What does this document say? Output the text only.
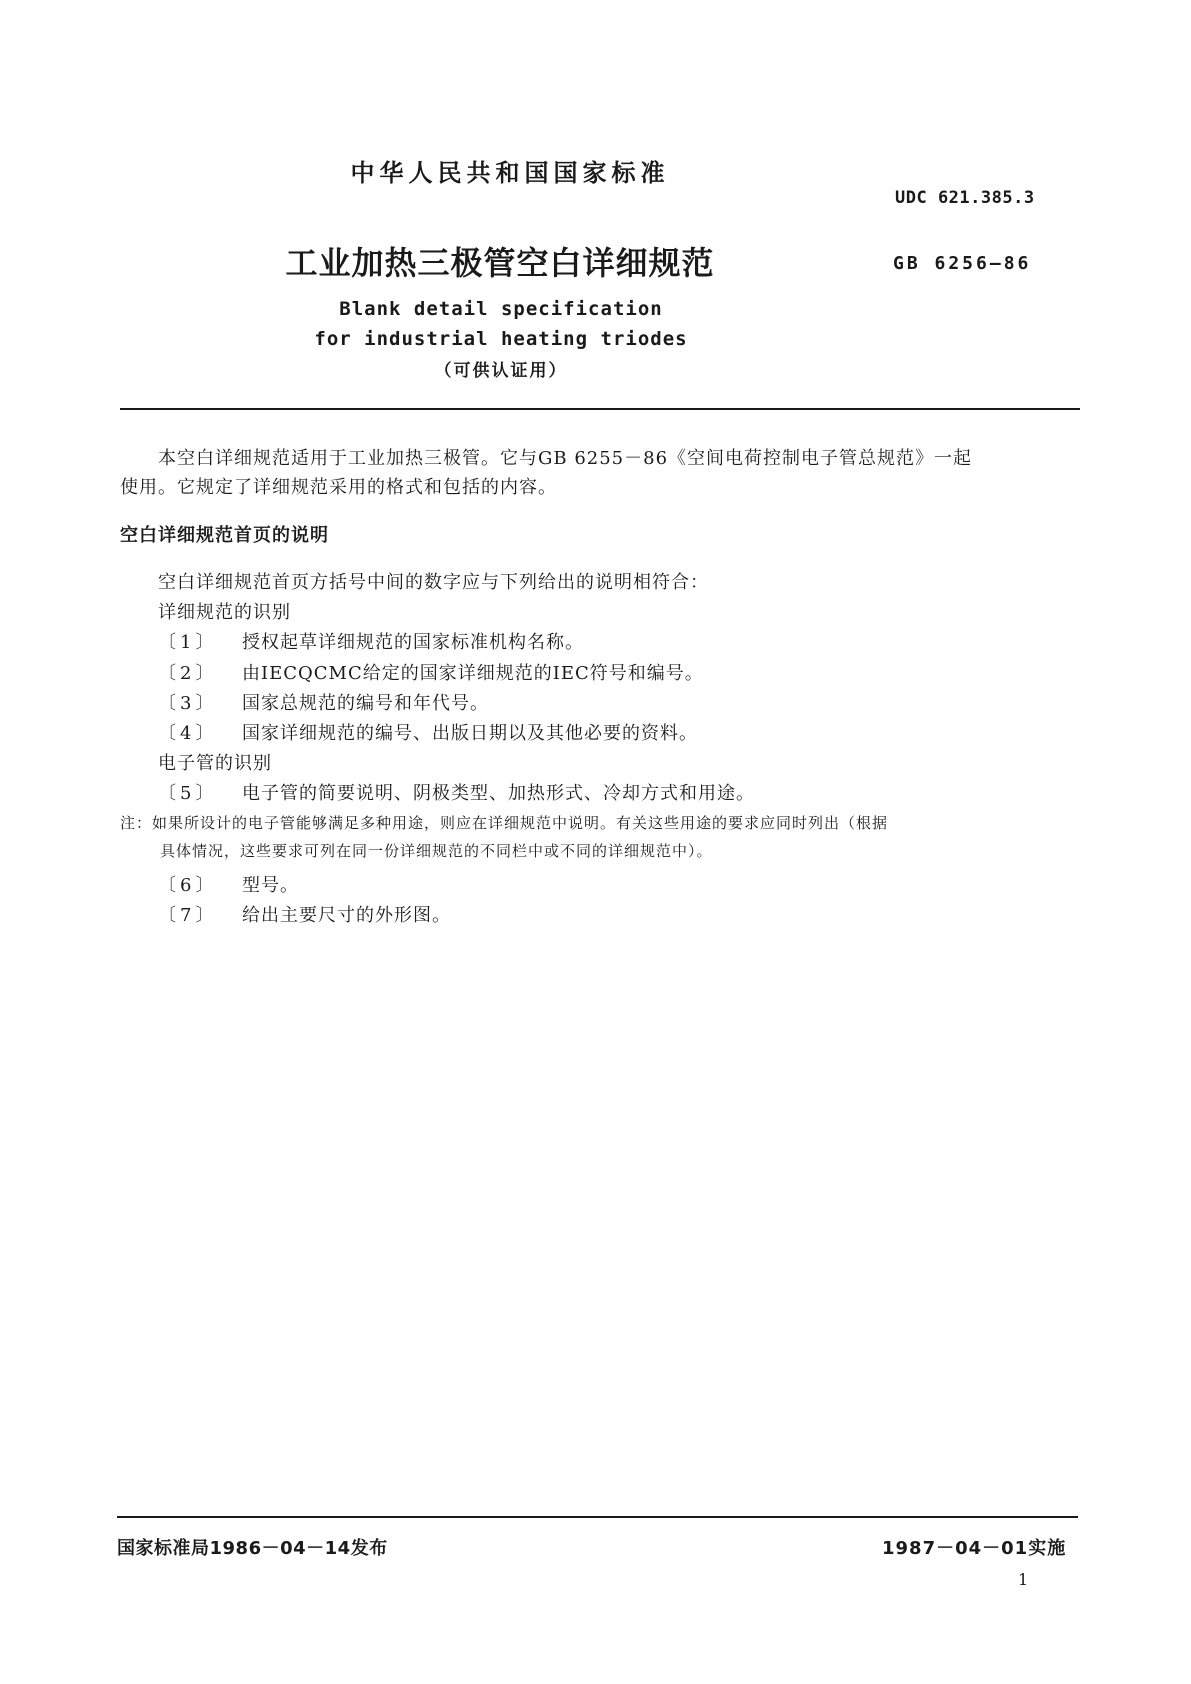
中华人民共和国国家标准
UDC 621.385.3
工业加热三极管空白详细规范	GB 6256—86
Blank detail specification
for industrial heating triodes
（可供认证用）
本空白详细规范适用于工业加热三极管。它与GB 6255－86《空间电荷控制电子管总规范》一起
使用。它规定了详细规范采用的格式和包括的内容。
空白详细规范首页的说明
空白详细规范首页方括号中间的数字应与下列给出的说明相符合：
详细规范的识别
〔1〕 授权起草详细规范的国家标准机构名称。
〔2〕 由IECQCMC给定的国家详细规范的IEC符号和编号。
〔3〕 国家总规范的编号和年代号。
〔4〕 国家详细规范的编号、出版日期以及其他必要的资料。
电子管的识别
〔5〕 电子管的简要说明、阴极类型、加热形式、冷却方式和用途。
注：如果所设计的电子管能够满足多种用途，则应在详细规范中说明。有关这些用途的要求应同时列出（根据
具体情况，这些要求可列在同一份详细规范的不同栏中或不同的详细规范中）。
〔6〕 型号。
〔7〕 给出主要尺寸的外形图。
国家标准局1986－04－14发布	1987－04－01实施
1
